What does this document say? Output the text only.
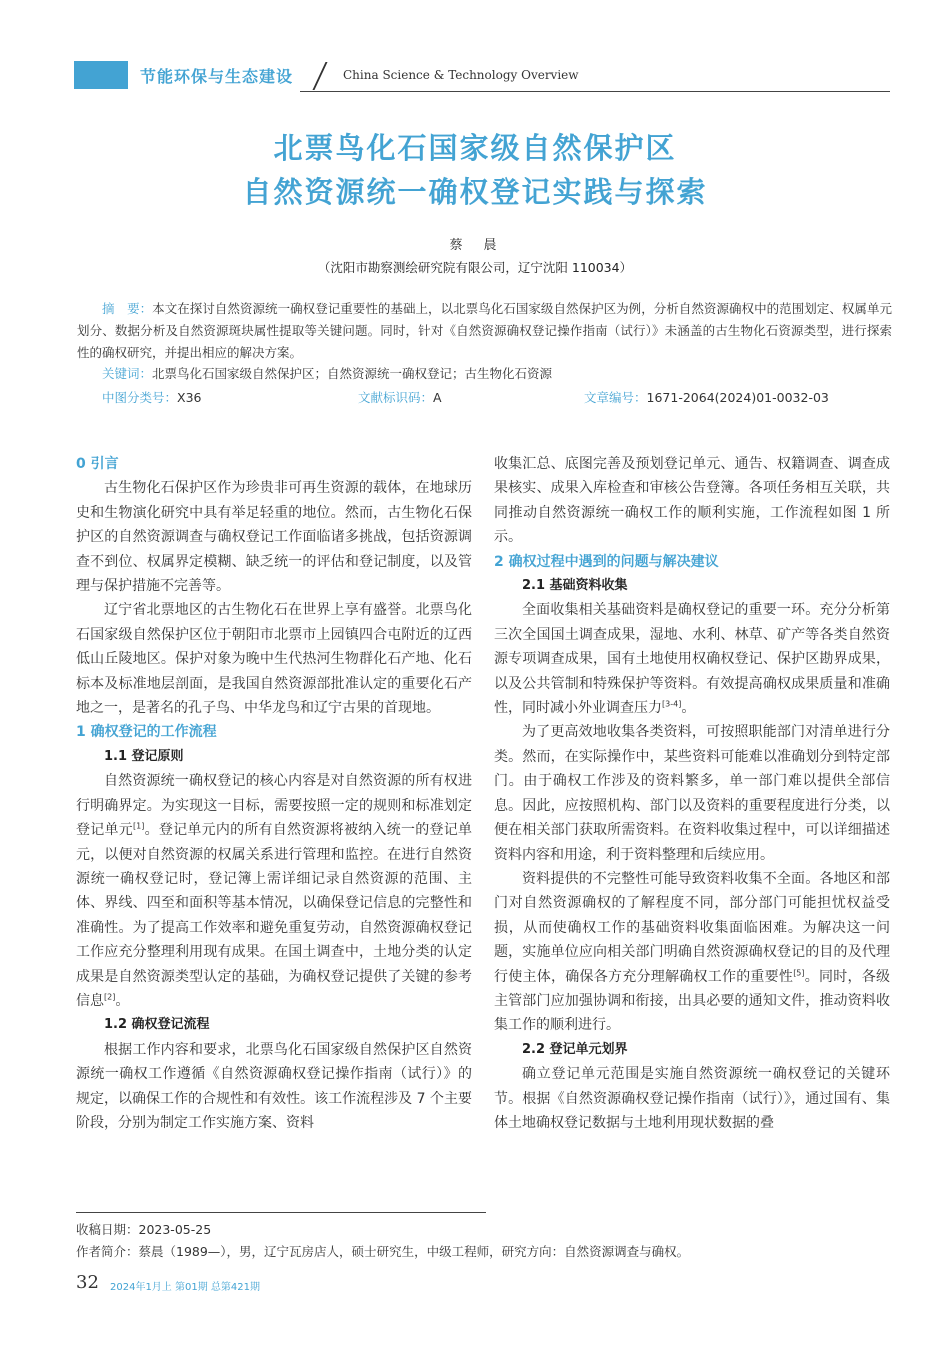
节能环保与生态建设	China Science & Technology Overview
北票鸟化石国家级自然保护区
自然资源统一确权登记实践与探索
蔡　晨
（沈阳市勘察测绘研究院有限公司，辽宁沈阳 110034）
摘　要：本文在探讨自然资源统一确权登记重要性的基础上，以北票鸟化石国家级自然保护区为例，分析自然资源确权中的范围划定、权属单元划分、数据分析及自然资源斑块属性提取等关键问题。同时，针对《自然资源确权登记操作指南（试行）》未涵盖的古生物化石资源类型，进行探索性的确权研究，并提出相应的解决方案。
关键词：北票鸟化石国家级自然保护区；自然资源统一确权登记；古生物化石资源
中图分类号：X36	文献标识码：A	文章编号：1671-2064(2024)01-0032-03
0 引言
古生物化石保护区作为珍贵非可再生资源的载体，在地球历史和生物演化研究中具有举足轻重的地位。然而，古生物化石保护区的自然资源调查与确权登记工作面临诸多挑战，包括资源调查不到位、权属界定模糊、缺乏统一的评估和登记制度，以及管理与保护措施不完善等。
辽宁省北票地区的古生物化石在世界上享有盛誉。北票鸟化石国家级自然保护区位于朝阳市北票市上园镇四合屯附近的辽西低山丘陵地区。保护对象为晚中生代热河生物群化石产地、化石标本及标准地层剖面，是我国自然资源部批准认定的重要化石产地之一，是著名的孔子鸟、中华龙鸟和辽宁古果的首现地。
1 确权登记的工作流程
1.1 登记原则
自然资源统一确权登记的核心内容是对自然资源的所有权进行明确界定。为实现这一目标，需要按照一定的规则和标准划定登记单元[1]。登记单元内的所有自然资源将被纳入统一的登记单元，以便对自然资源的权属关系进行管理和监控。在进行自然资源统一确权登记时，登记簿上需详细记录自然资源的范围、主体、界线、四至和面积等基本情况，以确保登记信息的完整性和准确性。为了提高工作效率和避免重复劳动，自然资源确权登记工作应充分整理利用现有成果。在国土调查中，土地分类的认定成果是自然资源类型认定的基础，为确权登记提供了关键的参考信息[2]。
1.2 确权登记流程
根据工作内容和要求，北票鸟化石国家级自然保护区自然资源统一确权工作遵循《自然资源确权登记操作指南（试行）》的规定，以确保工作的合规性和有效性。该工作流程涉及 7 个主要阶段，分别为制定工作实施方案、资料
收集汇总、底图完善及预划登记单元、通告、权籍调查、调查成果核实、成果入库检查和审核公告登簿。各项任务相互关联，共同推动自然资源统一确权工作的顺利实施，工作流程如图 1 所示。
2 确权过程中遇到的问题与解决建议
2.1 基础资料收集
全面收集相关基础资料是确权登记的重要一环。充分分析第三次全国国土调查成果，湿地、水利、林草、矿产等各类自然资源专项调查成果，国有土地使用权确权登记、保护区勘界成果，以及公共管制和特殊保护等资料。有效提高确权成果质量和准确性，同时减小外业调查压力[3-4]。
为了更高效地收集各类资料，可按照职能部门对清单进行分类。然而，在实际操作中，某些资料可能难以准确划分到特定部门。由于确权工作涉及的资料繁多，单一部门难以提供全部信息。因此，应按照机构、部门以及资料的重要程度进行分类，以便在相关部门获取所需资料。在资料收集过程中，可以详细描述资料内容和用途，利于资料整理和后续应用。
资料提供的不完整性可能导致资料收集不全面。各地区和部门对自然资源确权的了解程度不同，部分部门可能担忧权益受损，从而使确权工作的基础资料收集面临困难。为解决这一问题，实施单位应向相关部门明确自然资源确权登记的目的及代理行使主体，确保各方充分理解确权工作的重要性[5]。同时，各级主管部门应加强协调和衔接，出具必要的通知文件，推动资料收集工作的顺利进行。
2.2 登记单元划界
确立登记单元范围是实施自然资源统一确权登记的关键环节。根据《自然资源确权登记操作指南（试行）》，通过国有、集体土地确权登记数据与土地利用现状数据的叠
收稿日期：2023-05-25
作者简介：蔡晨（1989—），男，辽宁瓦房店人，硕士研究生，中级工程师，研究方向：自然资源调查与确权。
32 2024年1月上 第01期 总第421期
